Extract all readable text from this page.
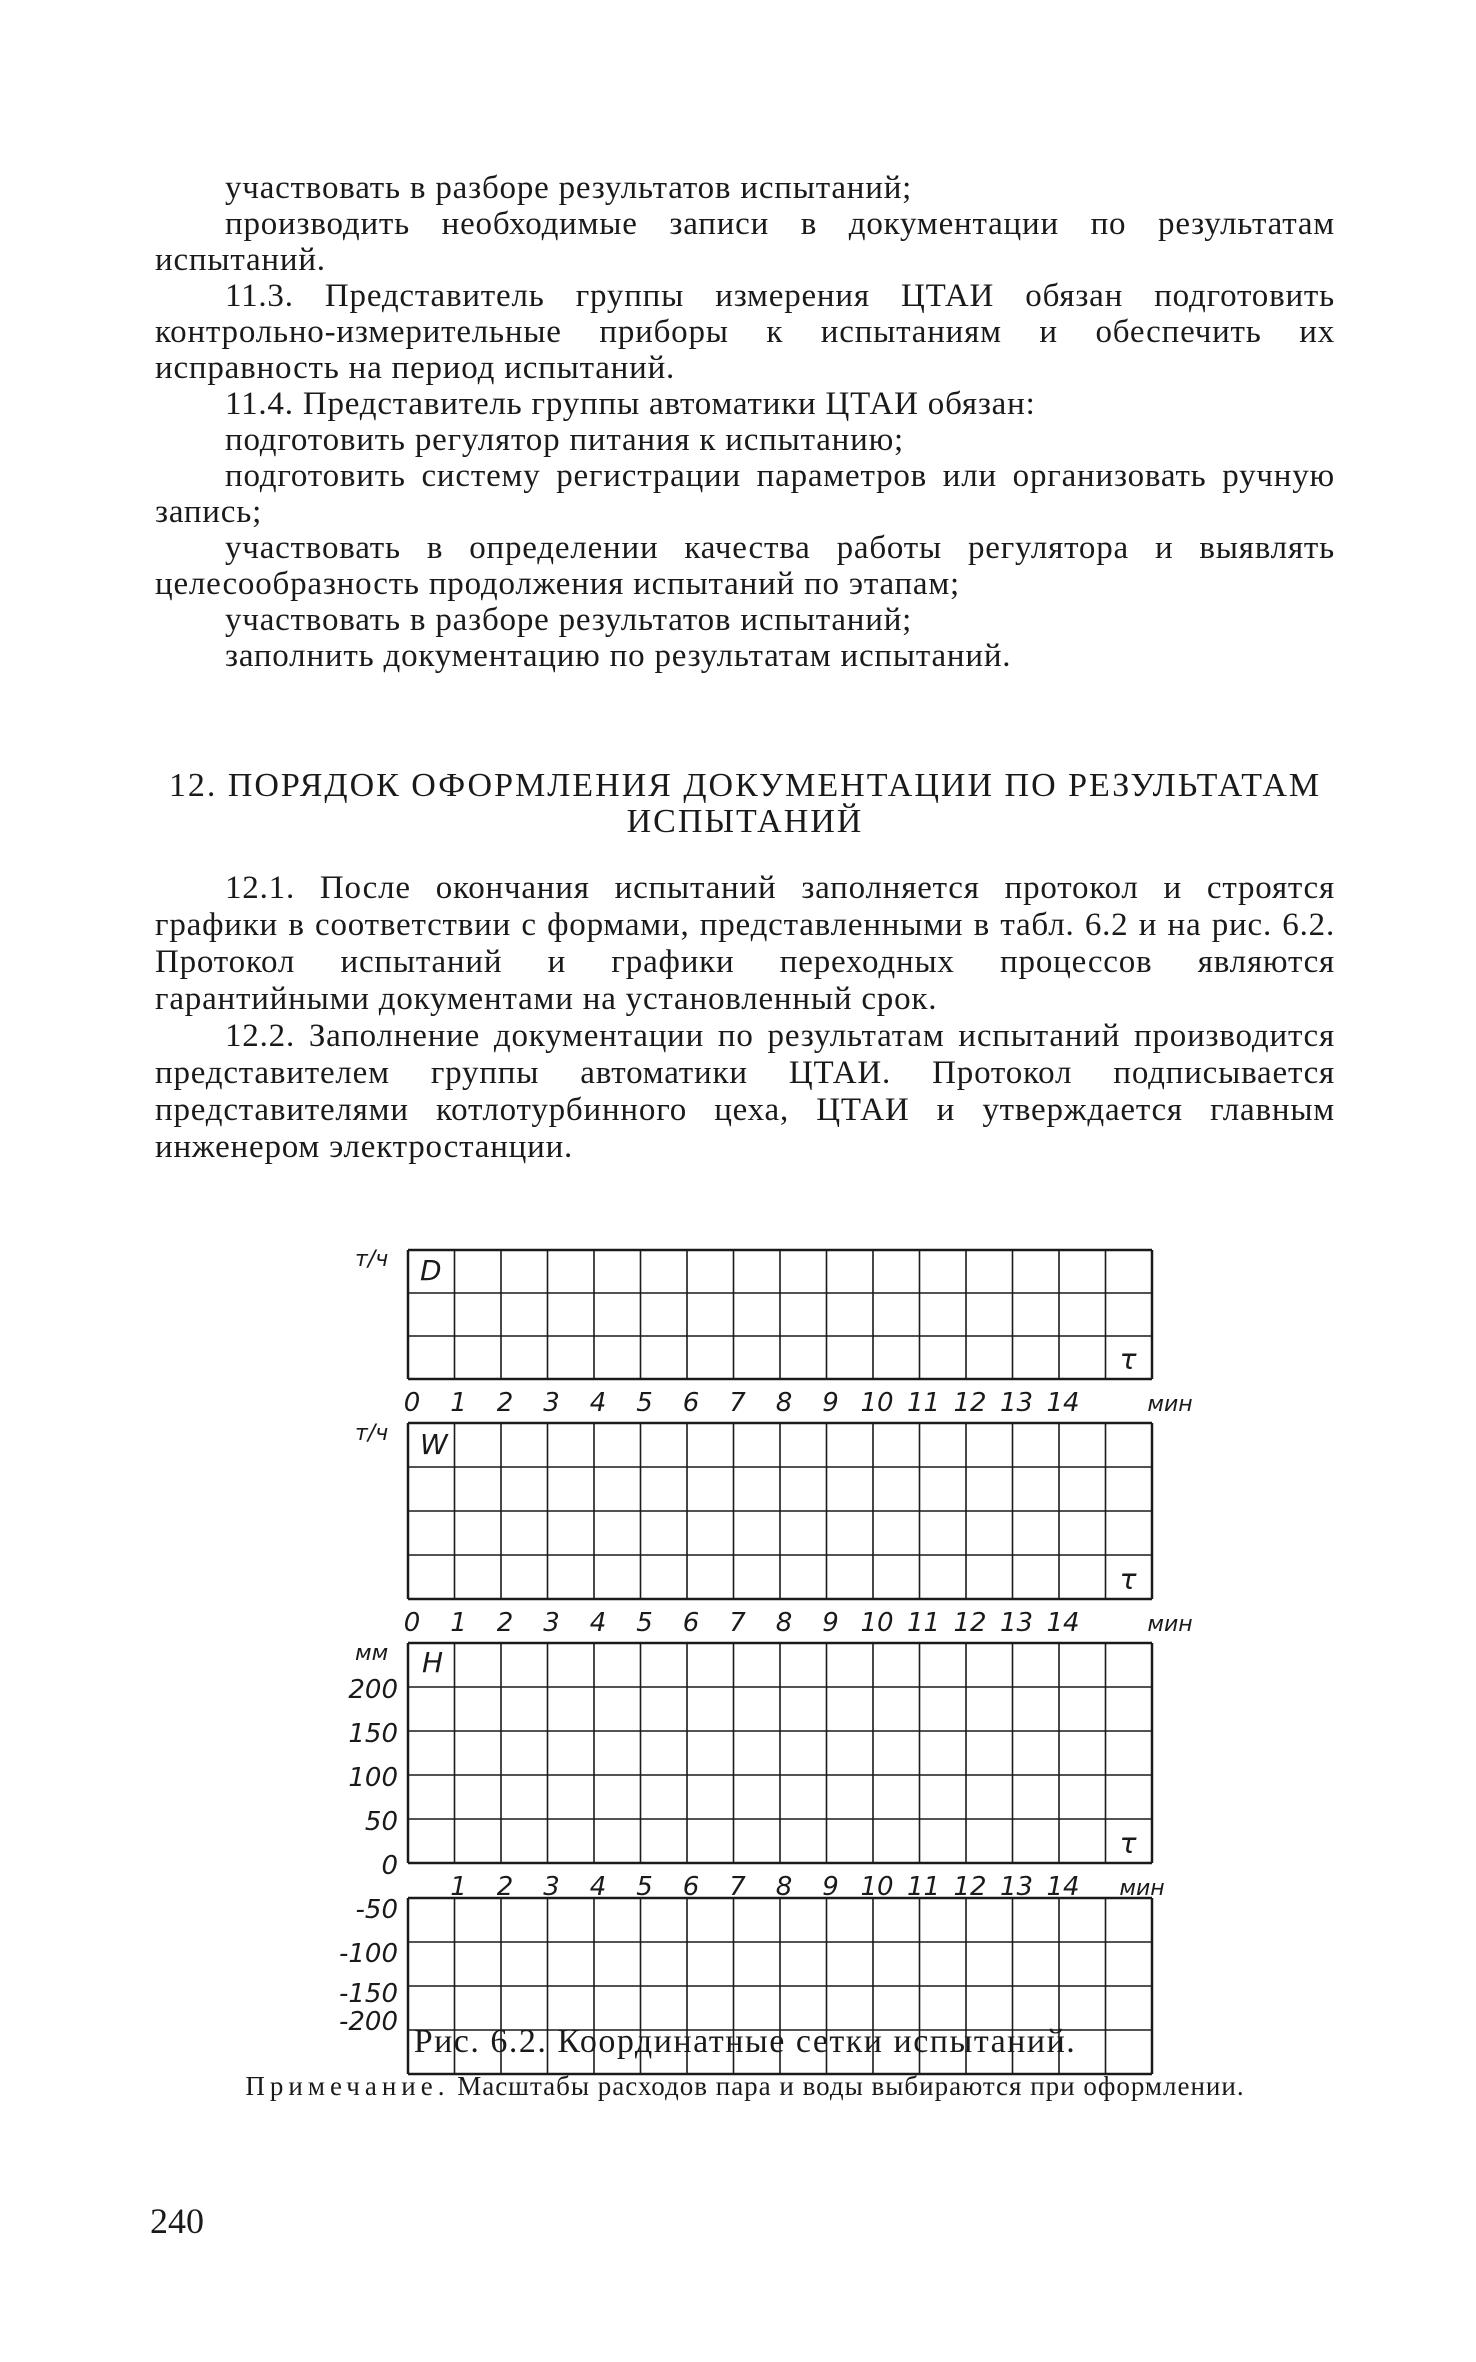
участвовать в разборе результатов испытаний;

производить необходимые записи в документации по результатам испытаний.

11.3. Представитель группы измерения ЦТАИ обязан подготовить контрольно-измерительные приборы к испытаниям и обеспечить их исправность на период испытаний.

11.4. Представитель группы автоматики ЦТАИ обязан:

подготовить регулятор питания к испытанию;

подготовить систему регистрации параметров или организовать ручную запись;

участвовать в определении качества работы регулятора и выявлять целесообразность продолжения испытаний по этапам;

участвовать в разборе результатов испытаний;

заполнить документацию по результатам испытаний.

12. ПОРЯДОК ОФОРМЛЕНИЯ ДОКУМЕНТАЦИИ ПО РЕЗУЛЬТАТАМ
ИСПЫТАНИЙ

12.1. После окончания испытаний заполняется протокол и строятся графики в соответствии с формами, представленными в табл. 6.2 и на рис. 6.2. Протокол испытаний и графики переходных процессов являются гарантийными документами на установленный срок.

12.2. Заполнение документации по результатам испытаний производится представителем группы автоматики ЦТАИ. Протокол подписывается представителями котлотурбинного цеха, ЦТАИ и утверждается главным инженером электростанции.

т/ч D
τ
0 1 2 3 4 5 6 7 8 9 10 11 12 13 14	мин
т/ч W
τ
0 1 2 3 4 5 6 7 8 9 10 11 12 13 14	мин
мм H
τ
1 2 3 4 5 6 7 8 9 10 11 12 13 14 мин
200
150
100
50
0
-50
-100
-150
-200
Рис. 6.2. Координатные сетки испытаний.
Примечание. Масштабы расходов пара и воды выбираются при оформлении.
240
